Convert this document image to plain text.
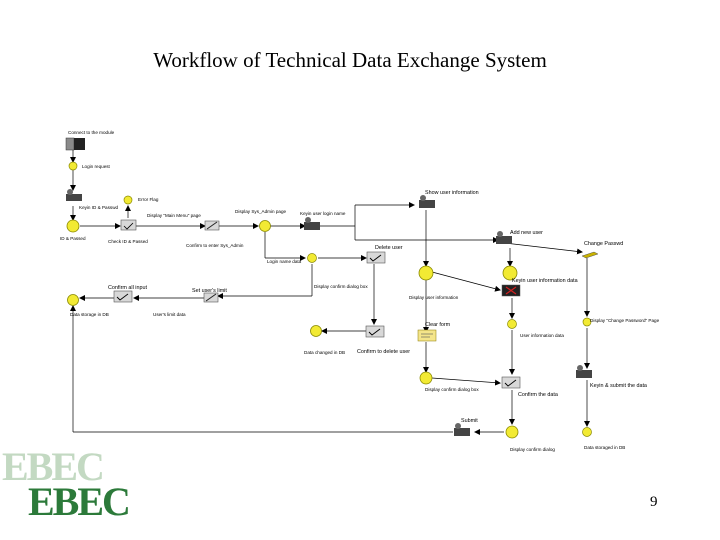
Workflow of Technical Data Exchange System
Connect to the module
Login request
Error Flag
Keyin ID & Passwd
Display "Main Menu" page
Display Sys_Admin page	Keyin user login name
Show user information
Add new user
Change Passwd
ID & Passed
Check ID & Passed
Confirm to enter Sys_Admin	Delete user
Login name data
Keyin user information data
Confirm all input	Set user's limit
Display confirm dialog box
Display user information
Data storage in DB	User's limit data
Clear form
Display "Change Password" Page
Data changed in DB Confirm to delete user
User information data
Keyin & submit the data
Display confirm dialog box
Confirm the data
Submit
Display confirm dialog	Data storaged in DB
EBEC
EBEC	9
